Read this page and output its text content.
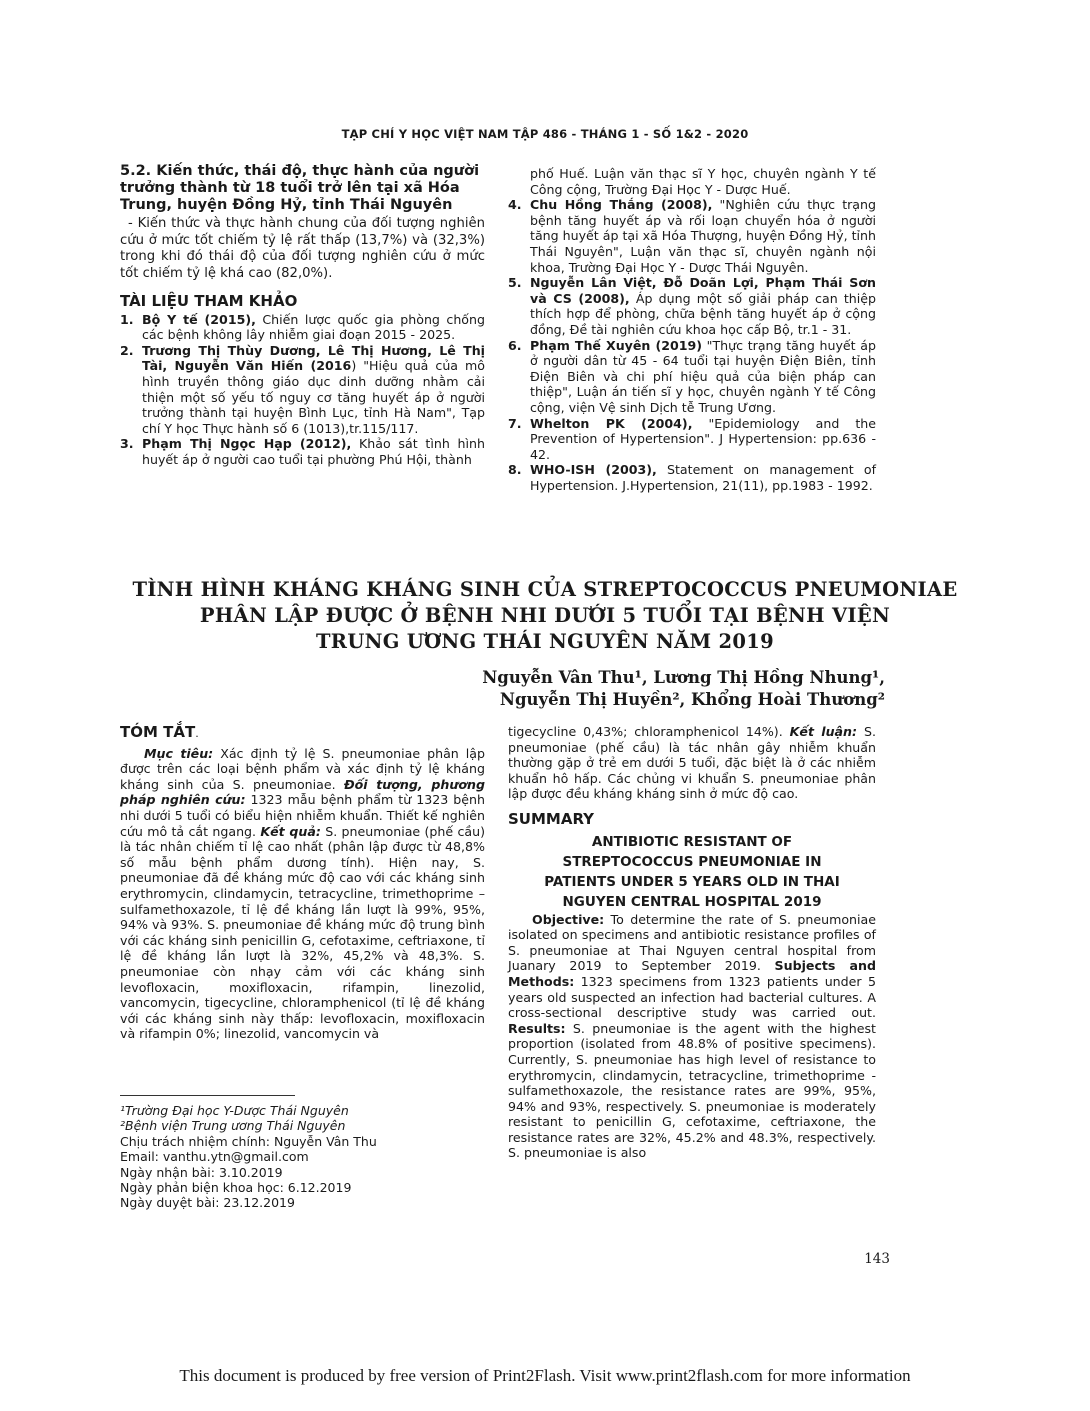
TẠP CHÍ Y HỌC VIỆT NAM TẬP 486 - THÁNG 1 - SỐ 1&2 - 2020

5.2. Kiến thức, thái độ, thực hành của người trưởng thành từ 18 tuổi trở lên tại xã Hóa Trung, huyện Đồng Hỷ, tỉnh Thái Nguyên

- Kiến thức và thực hành chung của đối tượng nghiên cứu ở mức tốt chiếm tỷ lệ rất thấp (13,7%) và (32,3%) trong khi đó thái độ của đối tượng nghiên cứu ở mức tốt chiếm tỷ lệ khá cao (82,0%).

TÀI LIỆU THAM KHẢO

1. Bộ Y tế (2015), Chiến lược quốc gia phòng chống các bệnh không lây nhiễm giai đoạn 2015 - 2025.
2. Trương Thị Thùy Dương, Lê Thị Hương, Lê Thị Tài, Nguyễn Văn Hiến (2016) "Hiệu quả của mô hình truyền thông giáo dục dinh dưỡng nhằm cải thiện một số yếu tố nguy cơ tăng huyết áp ở người trưởng thành tại huyện Bình Lục, tỉnh Hà Nam", Tạp chí Y học Thực hành số 6 (1013),tr.115/117.
3. Phạm Thị Ngọc Hạp (2012), Khảo sát tình hình huyết áp ở người cao tuổi tại phường Phú Hội, thành

phố Huế. Luận văn thạc sĩ Y học, chuyên ngành Y tế Công cộng, Trường Đại Học Y - Dược Huế.

4. Chu Hồng Thắng (2008), "Nghiên cứu thực trạng bệnh tăng huyết áp và rối loạn chuyển hóa ở người tăng huyết áp tại xã Hóa Thượng, huyện Đồng Hỷ, tỉnh Thái Nguyên", Luận văn thạc sĩ, chuyên ngành nội khoa, Trường Đại Học Y - Dược Thái Nguyên.
5. Nguyễn Lân Việt, Đỗ Doãn Lợi, Phạm Thái Sơn và CS (2008), Áp dụng một số giải pháp can thiệp thích hợp để phòng, chữa bệnh tăng huyết áp ở cộng đồng, Đề tài nghiên cứu khoa học cấp Bộ, tr.1 - 31.
6. Phạm Thế Xuyên (2019) "Thực trạng tăng huyết áp ở người dân từ 45 - 64 tuổi tại huyện Điện Biên, tỉnh Điện Biên và chi phí hiệu quả của biện pháp can thiệp", Luận án tiến sĩ y học, chuyên ngành Y tế Công cộng, viện Vệ sinh Dịch tễ Trung Ương.
7. Whelton PK (2004), "Epidemiology and the Prevention of Hypertension". J Hypertension: pp.636 - 42.
8. WHO-ISH (2003), Statement on management of Hypertension. J.Hypertension, 21(11), pp.1983 - 1992.
TÌNH HÌNH KHÁNG KHÁNG SINH CỦA STREPTOCOCCUS PNEUMONIAE
PHÂN LẬP ĐƯỢC Ở BỆNH NHI DƯỚI 5 TUỔI TẠI BỆNH VIỆN
TRUNG ƯƠNG THÁI NGUYÊN NĂM 2019
Nguyễn Vân Thu¹, Lương Thị Hồng Nhung¹,
Nguyễn Thị Huyền², Khổng Hoài Thương²

TÓM TẮT.

Mục tiêu: Xác định tỷ lệ S. pneumoniae phân lập được trên các loại bệnh phẩm và xác định tỷ lệ kháng kháng sinh của S. pneumoniae. Đối tượng, phương pháp nghiên cứu: 1323 mẫu bệnh phẩm từ 1323 bệnh nhi dưới 5 tuổi có biểu hiện nhiễm khuẩn. Thiết kế nghiên cứu mô tả cắt ngang. Kết quả: S. pneumoniae (phế cầu) là tác nhân chiếm tỉ lệ cao nhất (phân lập được từ 48,8% số mẫu bệnh phẩm dương tính). Hiện nay, S. pneumoniae đã đề kháng mức độ cao với các kháng sinh erythromycin, clindamycin, tetracycline, trimethoprime – sulfamethoxazole, tỉ lệ đề kháng lần lượt là 99%, 95%, 94% và 93%. S. pneumoniae đề kháng mức độ trung bình với các kháng sinh penicillin G, cefotaxime, ceftriaxone, tỉ lệ đề kháng lần lượt là 32%, 45,2% và 48,3%. S. pneumoniae còn nhạy cảm với các kháng sinh levofloxacin, moxifloxacin, rifampin, linezolid, vancomycin, tigecycline, chloramphenicol (tỉ lệ đề kháng với các kháng sinh này thấp: levofloxacin, moxifloxacin và rifampin 0%; linezolid, vancomycin và

¹Trường Đại học Y-Dược Thái Nguyên
²Bệnh viện Trung ương Thái Nguyên
Chịu trách nhiệm chính: Nguyễn Vân Thu
Email: vanthu.ytn@gmail.com
Ngày nhận bài: 3.10.2019
Ngày phản biện khoa học: 6.12.2019
Ngày duyệt bài: 23.12.2019

tigecycline 0,43%; chloramphenicol 14%). Kết luận: S. pneumoniae (phế cầu) là tác nhân gây nhiễm khuẩn thường gặp ở trẻ em dưới 5 tuổi, đặc biệt là ở các nhiễm khuẩn hô hấp. Các chủng vi khuẩn S. pneumoniae phân lập được đều kháng kháng sinh ở mức độ cao.

SUMMARY

ANTIBIOTIC RESISTANT OF
STREPTOCOCCUS PNEUMONIAE IN
PATIENTS UNDER 5 YEARS OLD IN THAI
NGUYEN CENTRAL HOSPITAL 2019

Objective: To determine the rate of S. pneumoniae isolated on specimens and antibiotic resistance profiles of S. pneumoniae at Thai Nguyen central hospital from Juanary 2019 to September 2019. Subjects and Methods: 1323 specimens from 1323 patients under 5 years old suspected an infection had bacterial cultures. A cross-sectional descriptive study was carried out. Results: S. pneumoniae is the agent with the highest proportion (isolated from 48.8% of positive specimens). Currently, S. pneumoniae has high level of resistance to erythromycin, clindamycin, tetracycline, trimethoprime - sulfamethoxazole, the resistance rates are 99%, 95%, 94% and 93%, respectively. S. pneumoniae is moderately resistant to penicillin G, cefotaxime, ceftriaxone, the resistance rates are 32%, 45.2% and 48.3%, respectively. S. pneumoniae is also

143
This document is produced by free version of Print2Flash. Visit www.print2flash.com for more information
